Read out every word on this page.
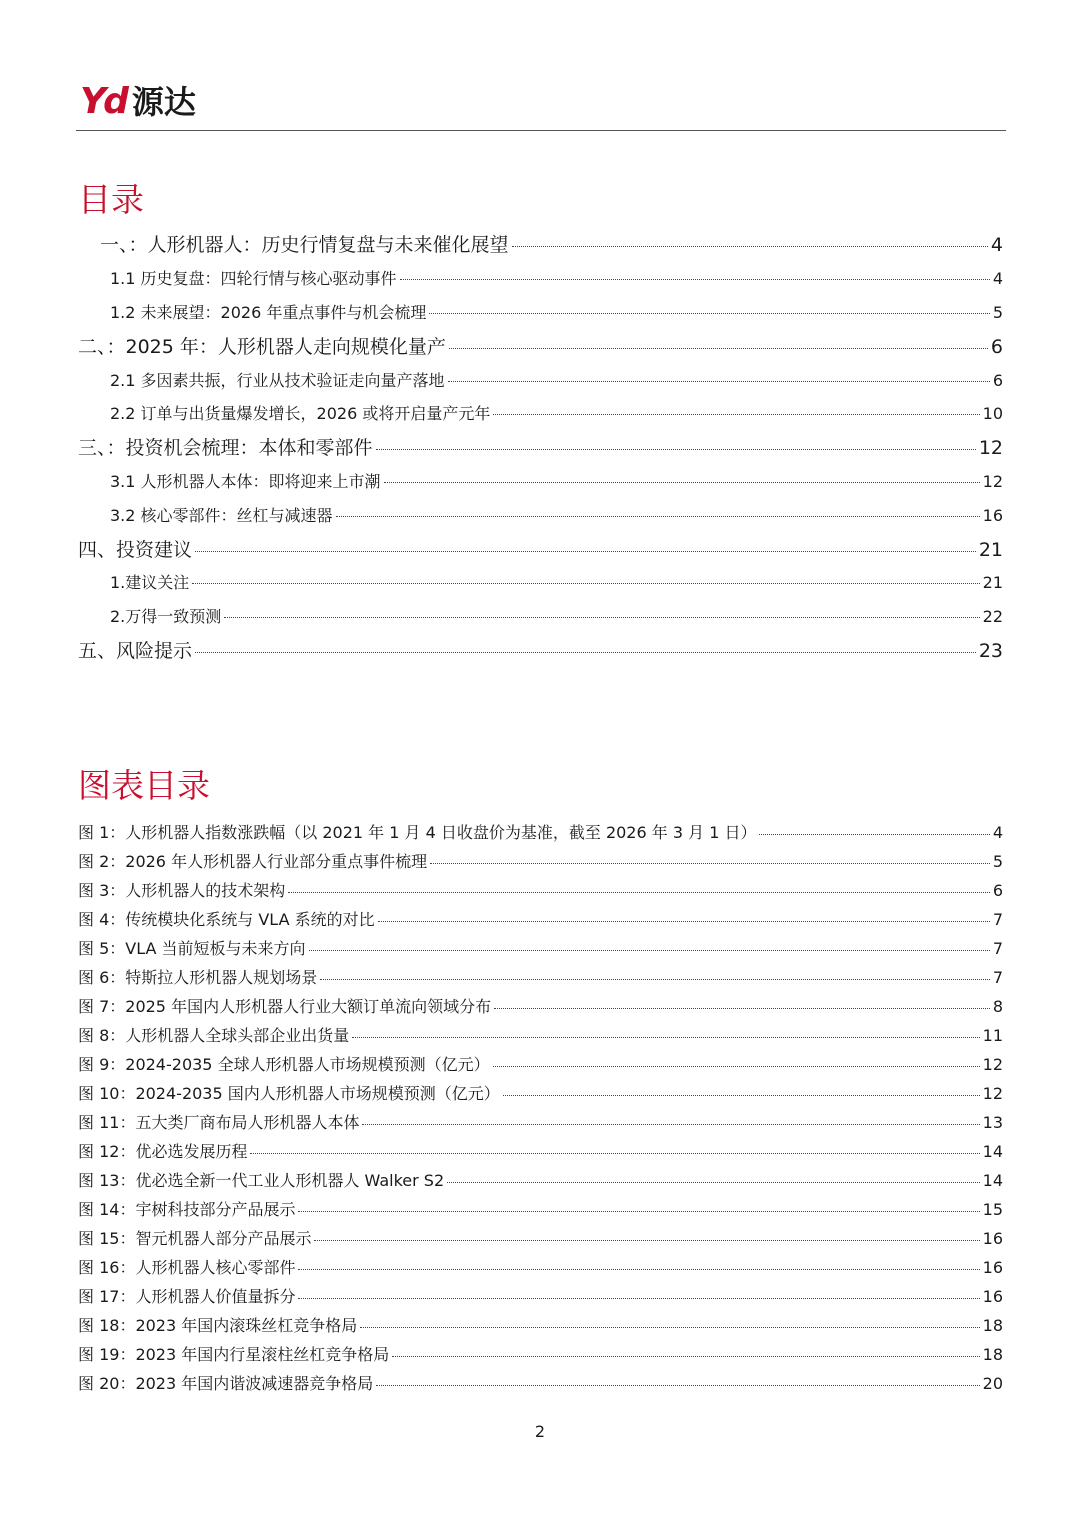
Yd 源达
目录
一、：人形机器人：历史行情复盘与未来催化展望	4
1.1 历史复盘：四轮行情与核心驱动事件	4
1.2 未来展望：2026 年重点事件与机会梳理	5
二、：2025 年：人形机器人走向规模化量产	6
2.1 多因素共振，行业从技术验证走向量产落地	6
2.2 订单与出货量爆发增长，2026 或将开启量产元年	10
三、：投资机会梳理：本体和零部件	12
3.1 人形机器人本体：即将迎来上市潮	12
3.2 核心零部件：丝杠与减速器	16
四、投资建议	21
1.建议关注	21
2.万得一致预测	22
五、风险提示	23
图表目录
图 1：人形机器人指数涨跌幅（以 2021 年 1 月 4 日收盘价为基准，截至 2026 年 3 月 1 日）	4
图 2：2026 年人形机器人行业部分重点事件梳理	5
图 3：人形机器人的技术架构	6
图 4：传统模块化系统与 VLA 系统的对比	7
图 5：VLA 当前短板与未来方向	7
图 6：特斯拉人形机器人规划场景	7
图 7：2025 年国内人形机器人行业大额订单流向领域分布	8
图 8：人形机器人全球头部企业出货量	11
图 9：2024-2035 全球人形机器人市场规模预测（亿元）	12
图 10：2024-2035 国内人形机器人市场规模预测（亿元）	12
图 11：五大类厂商布局人形机器人本体	13
图 12：优必选发展历程	14
图 13：优必选全新一代工业人形机器人 Walker S2	14
图 14：宇树科技部分产品展示	15
图 15：智元机器人部分产品展示	16
图 16：人形机器人核心零部件	16
图 17：人形机器人价值量拆分	16
图 18：2023 年国内滚珠丝杠竞争格局	18
图 19：2023 年国内行星滚柱丝杠竞争格局	18
图 20：2023 年国内谐波减速器竞争格局	20
2
